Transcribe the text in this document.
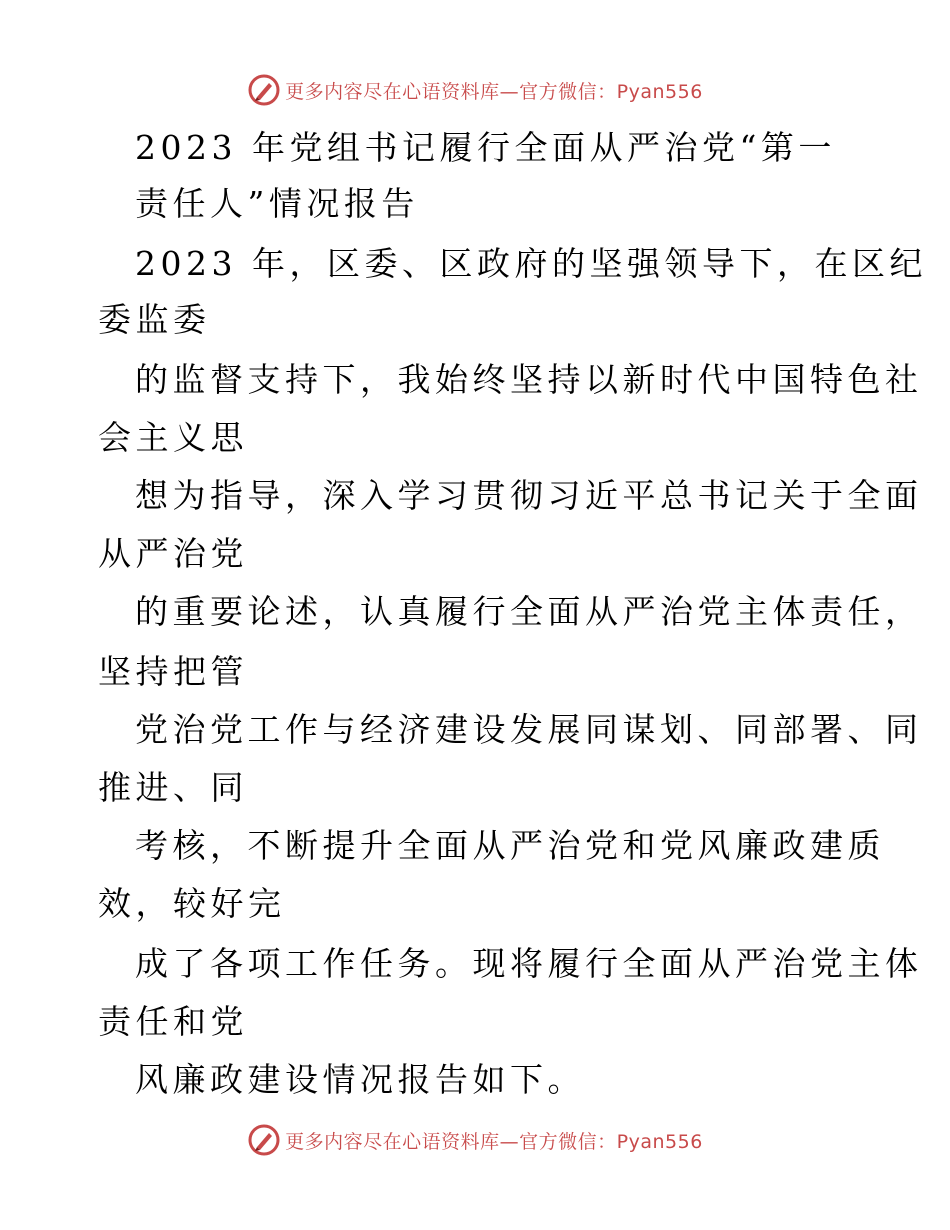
更多内容尽在心语资料库—官方微信：Pyan556
2023 年党组书记履行全面从严治党“第一
责任人”情况报告
2023 年，区委、区政府的坚强领导下，在区纪
委监委
的监督支持下，我始终坚持以新时代中国特色社
会主义思
想为指导，深入学习贯彻习近平总书记关于全面
从严治党
的重要论述，认真履行全面从严治党主体责任，
坚持把管
党治党工作与经济建设发展同谋划、同部署、同
推进、同
考核，不断提升全面从严治党和党风廉政建质
效，较好完
成了各项工作任务。现将履行全面从严治党主体
责任和党
风廉政建设情况报告如下。
更多内容尽在心语资料库—官方微信：Pyan556
